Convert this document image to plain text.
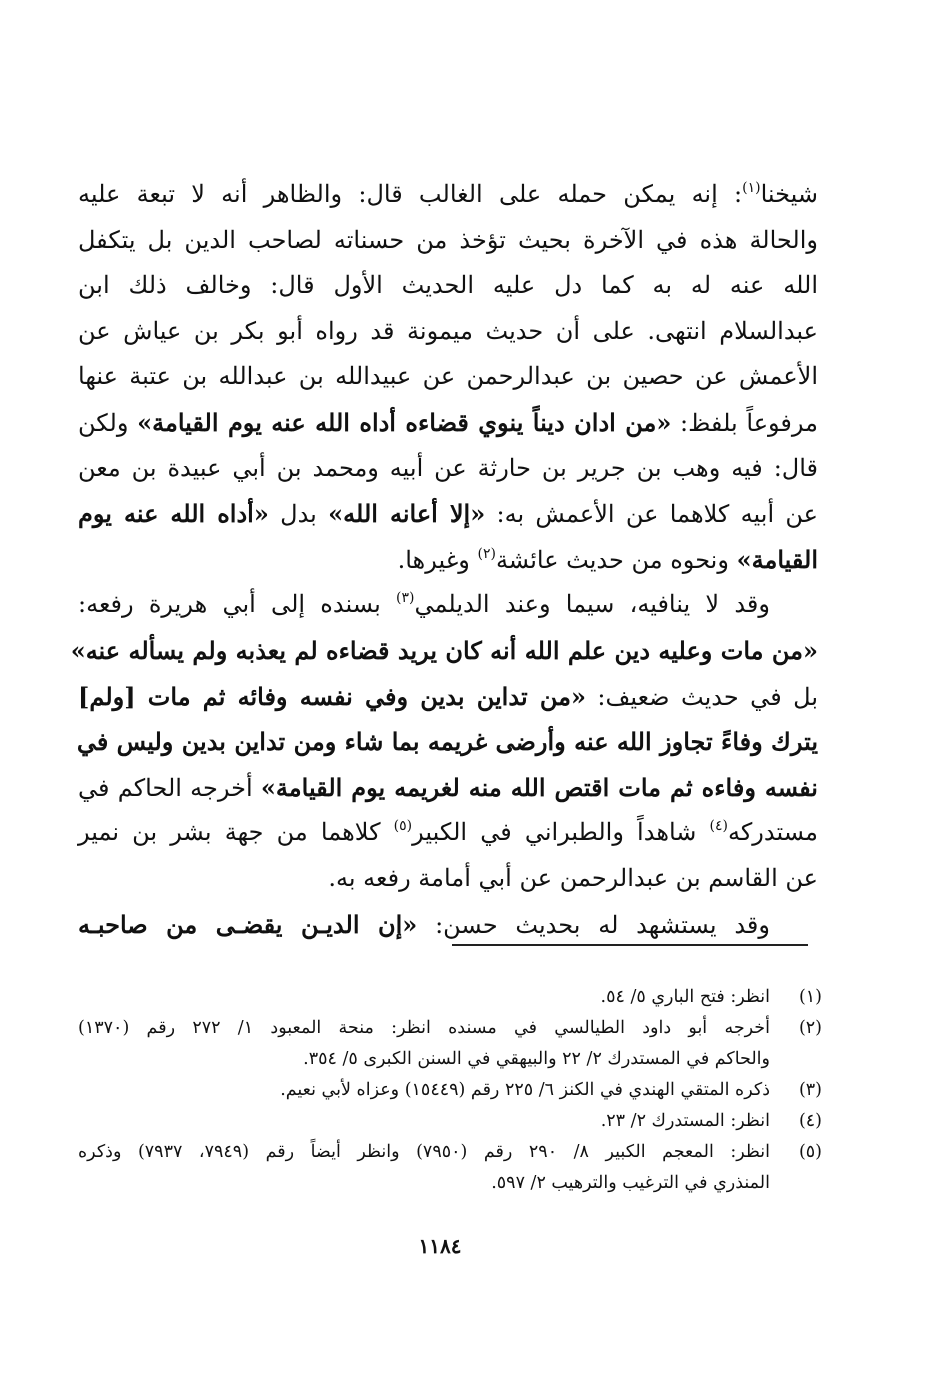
شيخنا$^{(١)}$: إنه يمكن حمله على الغالب قال: والظاهر أنه لا تبعة عليه
والحالة هذه في الآخرة بحيث تؤخذ من حسناته لصاحب الدين بل يتكفل
الله عنه له به كما دل عليه الحديث الأول قال: وخالف ذلك ابن
عبدالسلام انتهى. على أن حديث ميمونة قد رواه أبو بكر بن عياش عن
الأعمش عن حصين بن عبدالرحمن عن عبيدالله بن عبدالله بن عتبة عنها
مرفوعاً بلفظ: «من ادان ديناً ينوي قضاءه أداه الله عنه يوم القيامة» ولكن
قال: فيه وهب بن جرير بن حارثة عن أبيه ومحمد بن أبي عبيدة بن معن
عن أبيه كلاهما عن الأعمش به: «إلا أعانه الله» بدل «أداه الله عنه يوم
القيامة» ونحوه من حديث عائشة$^{(٢)}$ وغيرها.
وقد لا ينافيه، سيما وعند الديلمي$^{(٣)}$ بسنده إلى أبي هريرة رفعه:
«من مات وعليه دين علم الله أنه كان يريد قضاءه لم يعذبه ولم يسأله عنه»
بل في حديث ضعيف: «من تداين بدين وفي نفسه وفائه ثم مات [ولم]
يترك وفاءً تجاوز الله عنه وأرضى غريمه بما شاء ومن تداين بدين وليس في
نفسه وفاءه ثم مات اقتص الله منه لغريمه يوم القيامة» أخرجه الحاكم في
مستدركه$^{(٤)}$ شاهداً والطبراني في الكبير$^{(٥)}$ كلاهما من جهة بشر بن نمير
عن القاسم بن عبدالرحمن عن أبي أمامة رفعه به.
وقد يستشهد له بحديث حسن: «إن الديـن يقضـى من صاحبـه
(١)
انظر: فتح الباري ٥/ ٥٤.
(٢)
أخرجه أبو داود الطيالسي في مسنده انظر: منحة المعبود ١/ ٢٧٢ رقم (١٣٧٠)
والحاكم في المستدرك ٢/ ٢٢ والبيهقي في السنن الكبرى ٥/ ٣٥٤.
(٣)
ذكره المتقي الهندي في الكنز ٦/ ٢٢٥ رقم (١٥٤٤٩) وعزاه لأبي نعيم.
(٤)
انظر: المستدرك ٢/ ٢٣.
(٥)
انظر: المعجم الكبير ٨/ ٢٩٠ رقم (٧٩٥٠) وانظر أيضاً رقم (٧٩٤٩، ٧٩٣٧) وذكره
المنذري في الترغيب والترهيب ٢/ ٥٩٧.
١١٨٤
